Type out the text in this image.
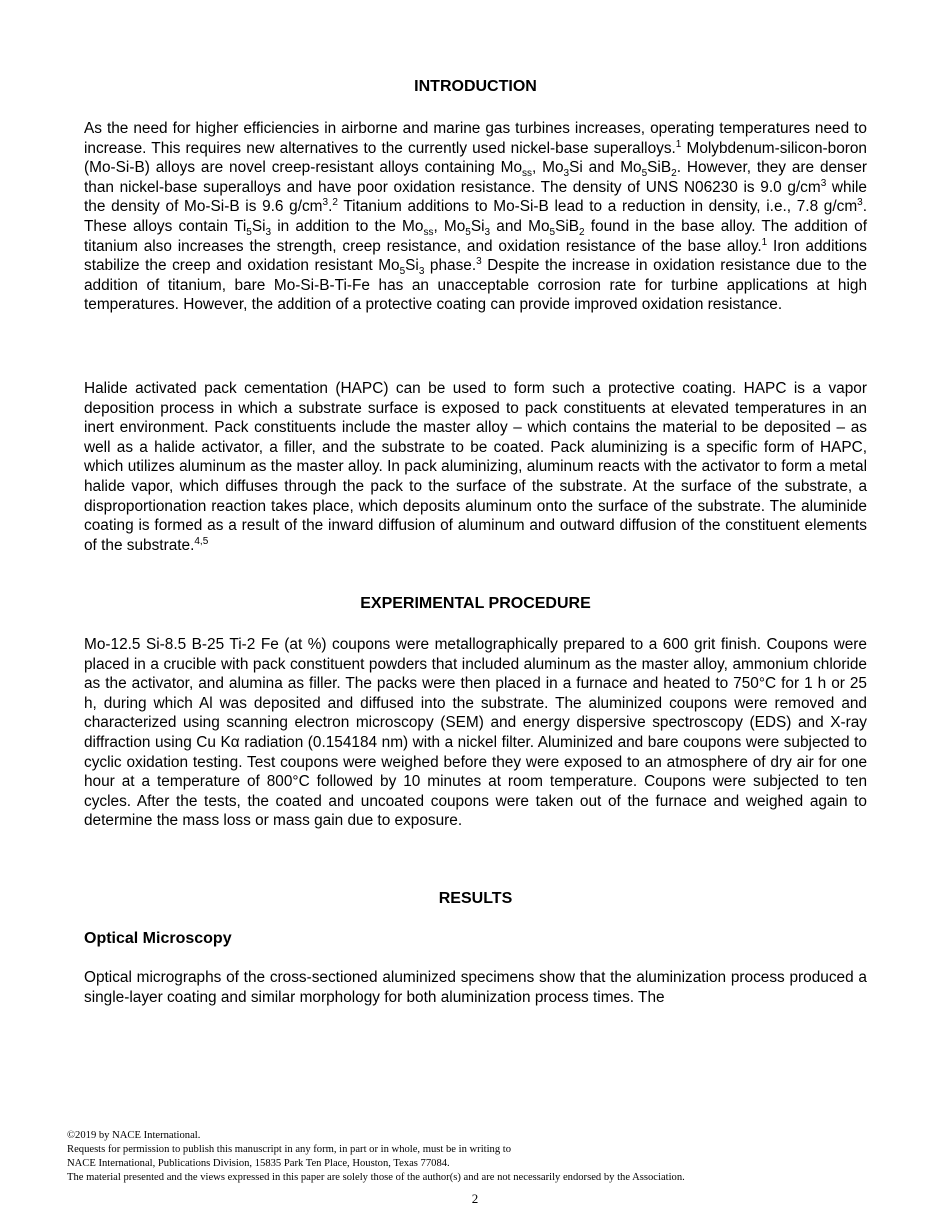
INTRODUCTION

As the need for higher efficiencies in airborne and marine gas turbines increases, operating temperatures need to increase. This requires new alternatives to the currently used nickel-base superalloys.$^1$ Molybdenum-silicon-boron (Mo-Si-B) alloys are novel creep-resistant alloys containing $Mo_{ss}$, $Mo_3Si$ and $Mo_5SiB_2$. However, they are denser than nickel-base superalloys and have poor oxidation resistance. The density of UNS N06230 is 9.0 $g/cm^3$ while the density of Mo-Si-B is 9.6 $g/cm^3.^2$ Titanium additions to Mo-Si-B lead to a reduction in density, i.e., 7.8 $g/cm^3$. These alloys contain $Ti_5Si_3$ in addition to the $Mo_{ss}$, $Mo_5Si_3$ and $Mo_5SiB_2$ found in the base alloy. The addition of titanium also increases the strength, creep resistance, and oxidation resistance of the base alloy.$^1$ Iron additions stabilize the creep and oxidation resistant $Mo_5Si_3$ phase.$^3$ Despite the increase in oxidation resistance due to the addition of titanium, bare Mo-Si-B-Ti-Fe has an unacceptable corrosion rate for turbine applications at high temperatures. However, the addition of a protective coating can provide improved oxidation resistance.

Halide activated pack cementation (HAPC) can be used to form such a protective coating. HAPC is a vapor deposition process in which a substrate surface is exposed to pack constituents at elevated temperatures in an inert environment. Pack constituents include the master alloy – which contains the material to be deposited – as well as a halide activator, a filler, and the substrate to be coated. Pack aluminizing is a specific form of HAPC, which utilizes aluminum as the master alloy. In pack aluminizing, aluminum reacts with the activator to form a metal halide vapor, which diffuses through the pack to the surface of the substrate. At the surface of the substrate, a disproportionation reaction takes place, which deposits aluminum onto the surface of the substrate. The aluminide coating is formed as a result of the inward diffusion of aluminum and outward diffusion of the constituent elements of the substrate.$^{4,5}$

EXPERIMENTAL PROCEDURE

Mo-12.5 Si-8.5 B-25 Ti-2 Fe (at %) coupons were metallographically prepared to a 600 grit finish. Coupons were placed in a crucible with pack constituent powders that included aluminum as the master alloy, ammonium chloride as the activator, and alumina as filler. The packs were then placed in a furnace and heated to 750°C for 1 h or 25 h, during which Al was deposited and diffused into the substrate. The aluminized coupons were removed and characterized using scanning electron microscopy (SEM) and energy dispersive spectroscopy (EDS) and X-ray diffraction using Cu Kα radiation (0.154184 nm) with a nickel filter. Aluminized and bare coupons were subjected to cyclic oxidation testing. Test coupons were weighed before they were exposed to an atmosphere of dry air for one hour at a temperature of 800°C followed by 10 minutes at room temperature. Coupons were subjected to ten cycles. After the tests, the coated and uncoated coupons were taken out of the furnace and weighed again to determine the mass loss or mass gain due to exposure.

RESULTS
Optical Microscopy

Optical micrographs of the cross-sectioned aluminized specimens show that the aluminization process produced a single-layer coating and similar morphology for both aluminization process times. The

©2019 by NACE International.
Requests for permission to publish this manuscript in any form, in part or in whole, must be in writing to
NACE International, Publications Division, 15835 Park Ten Place, Houston, Texas 77084.
The material presented and the views expressed in this paper are solely those of the author(s) and are not necessarily endorsed by the Association.
2
